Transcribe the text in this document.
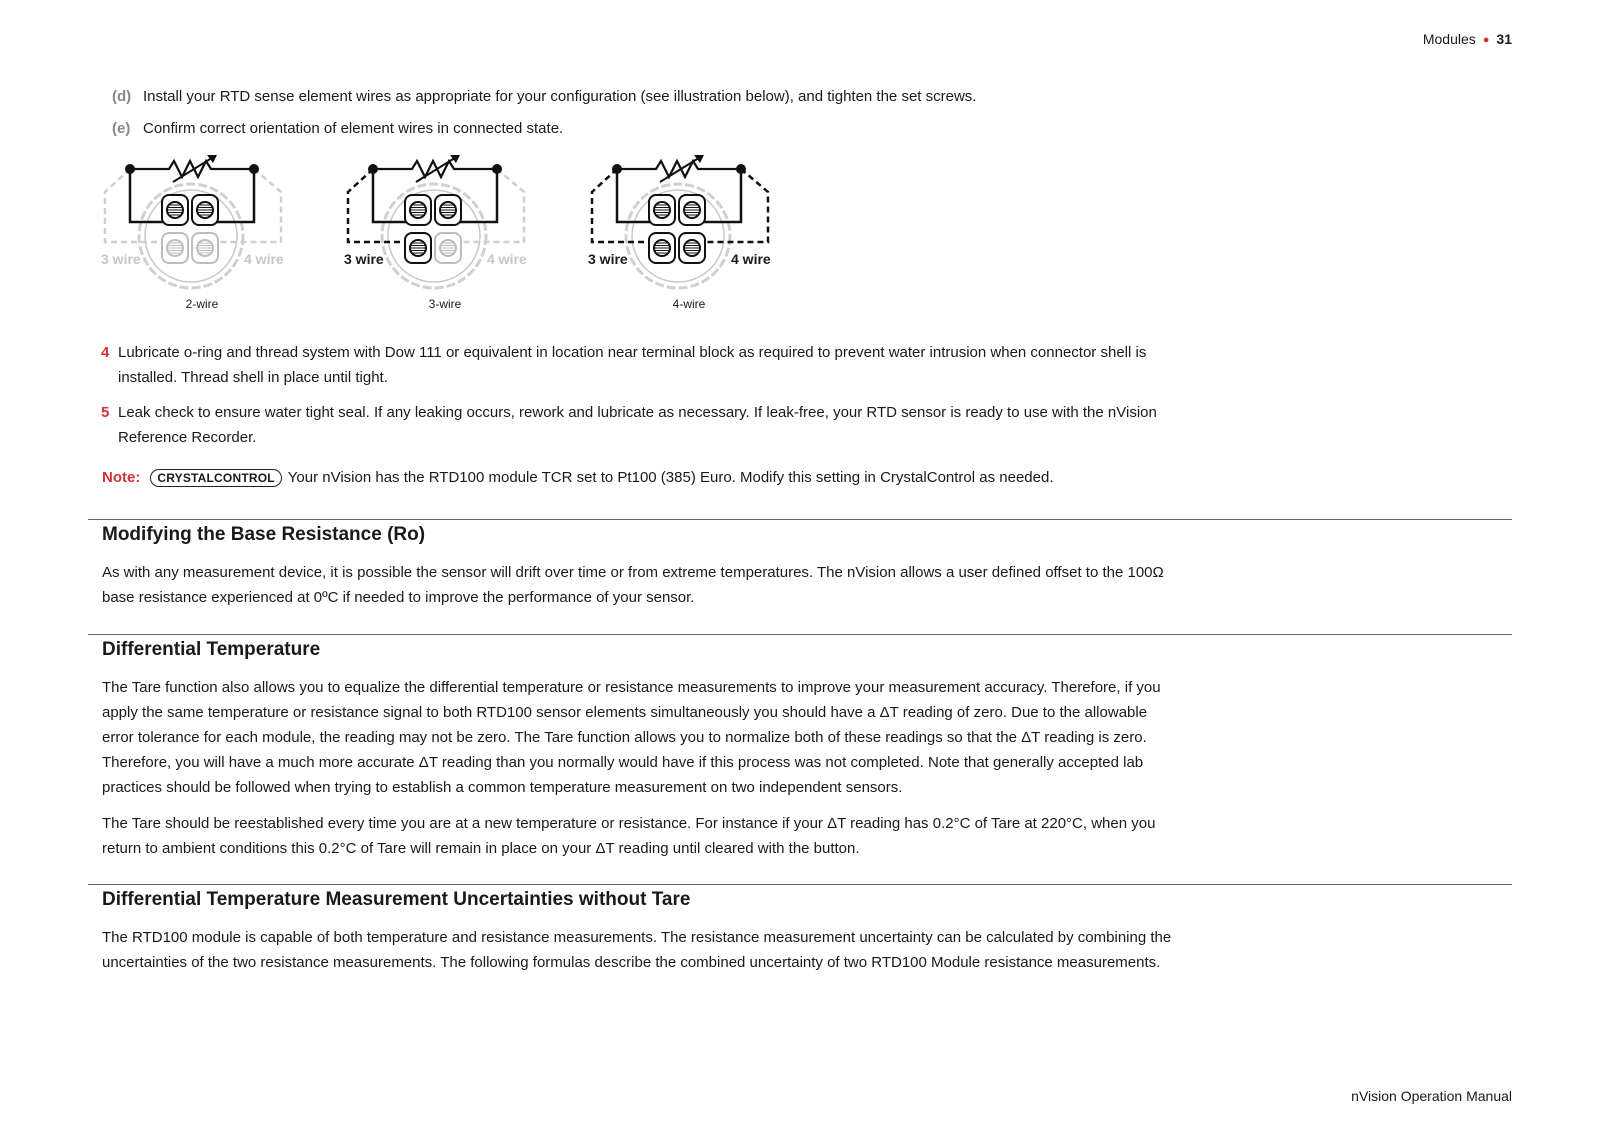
Modules ● 31
(d) Install your RTD sense element wires as appropriate for your configuration (see illustration below), and tighten the set screws.
(e) Confirm correct orientation of element wires in connected state.
3 wire	4 wire
2-wire
3 wire	4 wire
3-wire
3 wire	4 wire
4-wire
4 Lubricate o-ring and thread system with Dow 111 or equivalent in location near terminal block as required to prevent water intrusion when connector shell is installed. Thread shell in place until tight.
5 Leak check to ensure water tight seal. If any leaking occurs, rework and lubricate as necessary. If leak-free, your RTD sensor is ready to use with the nVision Reference Recorder.
Note: CRYSTALCONTROL Your nVision has the RTD100 module TCR set to Pt100 (385) Euro. Modify this setting in CrystalControl as needed.
Modifying the Base Resistance (Ro)
As with any measurement device, it is possible the sensor will drift over time or from extreme temperatures. The nVision allows a user defined offset to the 100Ω base resistance experienced at 0ºC if needed to improve the performance of your sensor.
Differential Temperature
The Tare function also allows you to equalize the differential temperature or resistance measurements to improve your measurement accuracy. Therefore, if you apply the same temperature or resistance signal to both RTD100 sensor elements simultaneously you should have a ΔT reading of zero. Due to the allowable error tolerance for each module, the reading may not be zero. The Tare function allows you to normalize both of these readings so that the ΔT reading is zero. Therefore, you will have a much more accurate ΔT reading than you normally would have if this process was not completed. Note that generally accepted lab practices should be followed when trying to establish a common temperature measurement on two independent sensors.
The Tare should be reestablished every time you are at a new temperature or resistance. For instance if your ΔT reading has 0.2°C of Tare at 220°C, when you return to ambient conditions this 0.2°C of Tare will remain in place on your ΔT reading until cleared with the button.
Differential Temperature Measurement Uncertainties without Tare
The RTD100 module is capable of both temperature and resistance measurements. The resistance measurement uncertainty can be calculated by combining the uncertainties of the two resistance measurements. The following formulas describe the combined uncertainty of two RTD100 Module resistance measurements.
nVision Operation Manual
